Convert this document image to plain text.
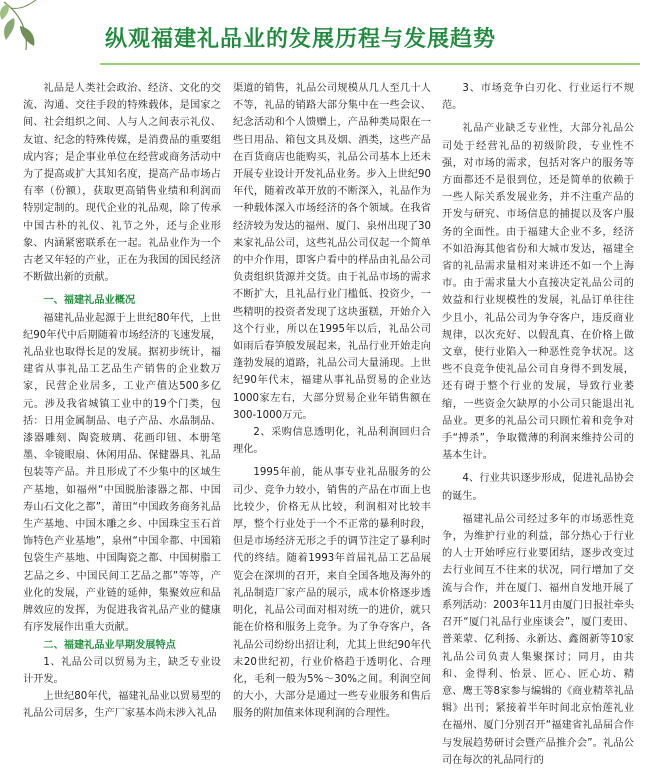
纵观福建礼品业的发展历程与发展趋势

礼品是人类社会政治、经济、文化的交流、沟通、交往手段的特殊载体，是国家之间、社会组织之间、人与人之间表示礼仪、友谊、纪念的特殊传媒，是消费品的重要组成内容；是企事业单位在经营或商务活动中为了提高或扩大其知名度，提高产品市场占有率（份额），获取更高销售业绩和利润而特别定制的。现代企业的礼品观，除了传承中国古朴的礼仪、礼节之外，还与企业形象、内涵紧密联系在一起。礼品业作为一个古老又年轻的产业，正在为我国的国民经济不断做出新的贡献。

一、福建礼品业概况

福建礼品业起源于上世纪80年代，上世纪90年代中后期随着市场经济的飞速发展，礼品业也取得长足的发展。据初步统计，福建省从事礼品工艺品生产销售的企业数万家，民营企业居多，工业产值达500多亿元。涉及我省城镇工业中的19个门类，包括：日用金属制品、电子产品、水晶制品、漆器雕刻、陶瓷玻璃、花画印钮、本册笔墨、伞镜眼扇、休闲用品、保健器具、礼品包装等产品。并且形成了不少集中的区域生产基地，如福州“中国脱胎漆器之都、中国寿山石文化之都”，莆田“中国政务商务礼品生产基地、中国木雕之乡、中国珠宝玉石首饰特色产业基地”，泉州“中国伞都、中国箱包袋生产基地、中国陶瓷之都、中国树脂工艺品之乡、中国民间工艺品之都”等等，产业化的发展，产业链的延伸，集聚效应和品牌效应的发挥，为促进我省礼品产业的健康有序发展作出重大贡献。

二、福建礼品业早期发展特点

1、礼品公司以贸易为主，缺乏专业设计开发。

上世纪80年代，福建礼品业以贸易型的礼品公司居多，生产厂家基本尚未涉入礼品

渠道的销售，礼品公司规模从几人至几十人不等，礼品的销路大部分集中在一些会议、纪念活动和个人馈赠上，产品种类局限在一些日用品、箱包文具及烟、酒类，这些产品在百货商店也能购买，礼品公司基本上还未开展专业设计开发礼品业务。步入上世纪90年代，随着改革开放的不断深入，礼品作为一种载体深入市场经济的各个领域。在我省经济较为发达的福州、厦门、泉州出现了30来家礼品公司，这些礼品公司仅起一个简单的中介作用，即客户看中的样品由礼品公司负责组织货源并交货。由于礼品市场的需求不断扩大，且礼品行业门槛低、投资少，一些精明的投资者发现了这块蛋糕，开始介入这个行业，所以在1995年以后，礼品公司如雨后春笋般发展起来，礼品行业开始走向蓬勃发展的道路，礼品公司大量涌现。上世纪90年代末，福建从事礼品贸易的企业达1000家左右，大部分贸易企业年销售额在300-1000万元。

2、采购信息透明化，礼品利润回归合理化。

1995年前，能从事专业礼品服务的公司少、竞争力较小，销售的产品在市面上也比较少，价格无从比较，利润相对比较丰厚，整个行业处于一个不正常的暴利时段，但是市场经济无形之手的调节注定了暴利时代的终结。随着1993年首届礼品工艺品展览会在深圳的召开，来自全国各地及海外的礼品制造厂家产品的展示，成本价格逐步透明化，礼品公司面对相对统一的进价，就只能在价格和服务上竞争。为了争夺客户，各礼品公司纷纷出招让利，尤其上世纪90年代末20世纪初，行业价格趋于透明化、合理化，毛利一般为5%～30%之间。利润空间的大小，大部分是通过一些专业服务和售后服务的附加值来体现利润的合理性。

3、市场竞争白刃化、行业运行不规范。

礼品产业缺乏专业性，大部分礼品公司处于经营礼品的初级阶段，专业性不强，对市场的需求，包括对客户的服务等方面都还不是很到位，还是简单的依赖于一些人际关系发展业务，并不注重产品的开发与研究、市场信息的捕捉以及客户服务的全面性。由于福建大企业不多，经济不如沿海其他省份和大城市发达，福建全省的礼品需求量相对来讲还不如一个上海市。由于需求量大小直接决定礼品公司的效益和行业规模性的发展，礼品订单往往少且小，礼品公司为争夺客户，违反商业规律，以次充好、以假乱真、在价格上做文章，使行业陷入一种恶性竞争状况。这些不良竞争使礼品公司自身得不到发展，还有碍于整个行业的发展，导致行业萎缩，一些资金欠缺厚的小公司只能退出礼品业。更多的礼品公司只顾忙着和竞争对手“搏杀”，争取微薄的利润来维持公司的基本生计。

4、行业共识逐步形成，促进礼品协会的诞生。

福建礼品公司经过多年的市场恶性竞争，为维护行业的利益，部分热心于行业的人士开始呼应行业要团结，逐步改变过去行业间互不往来的状况，同行增加了交流与合作，并在厦门、福州自发地开展了系列活动：2003年11月由厦门日报社牵头召开“厦门礼品行业座谈会”，厦门麦田、普莱蒙、亿利扬、永新达、鑫阁新等10家礼品公司负责人集聚探讨；同月，由共和、金得利、怡景、匠心、匠心坊、精意、鹰王等8家参与编辑的《商业精萃礼品辑》出刊；紧接着半年时间北京怡莲礼业在福州、厦门分别召开“福建省礼品届合作与发展趋势研讨会暨产品推介会”。礼品公司在每次的礼品同行的
